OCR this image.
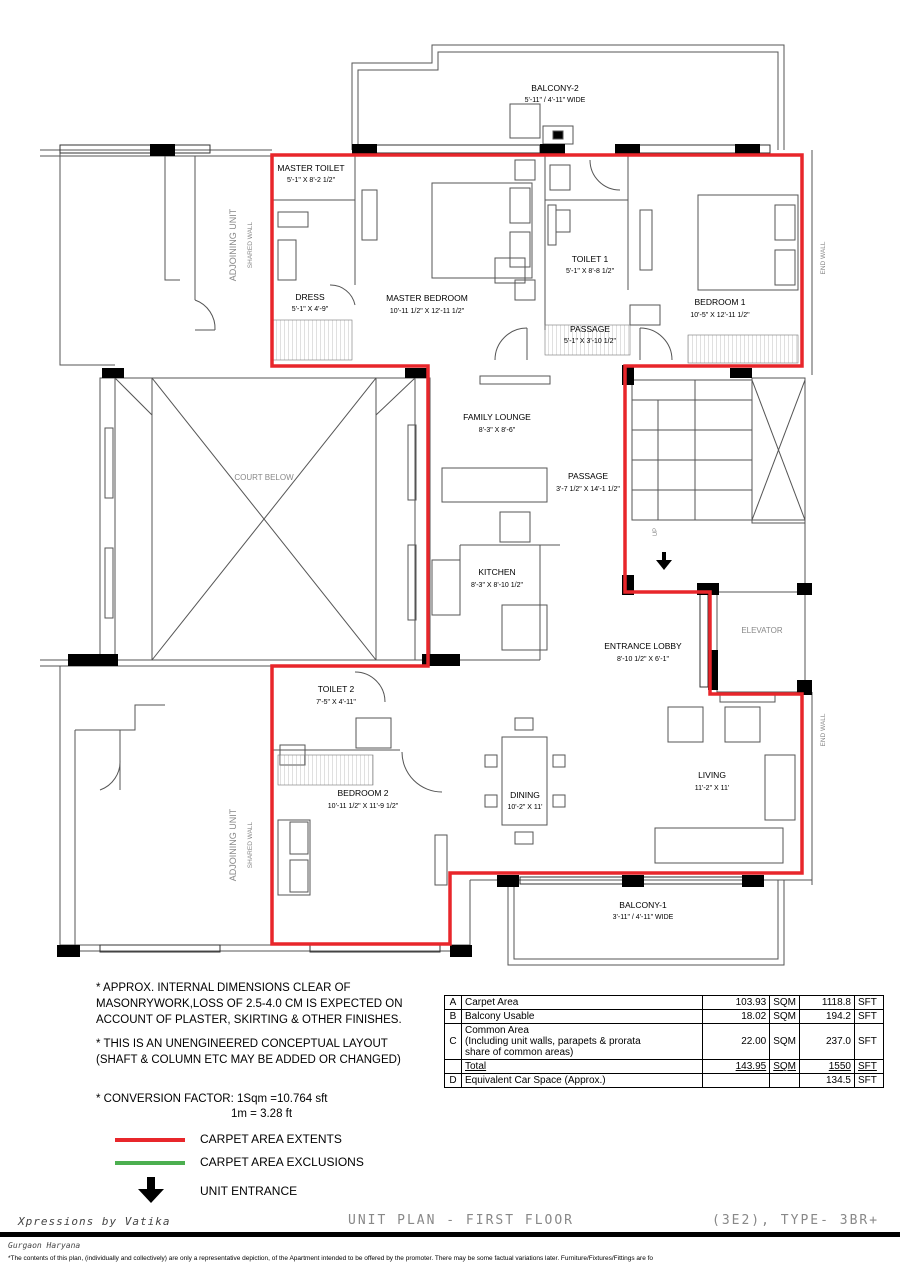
BALCONY-2
5'-11" / 4'-11" WIDE
MASTER TOILET
5'-1" X 8'-2 1/2"
DRESS
5'-1" X 4'-9"
MASTER BEDROOM
10'-11 1/2" X 12'-11 1/2"
TOILET 1
5'-1" X 8'-8 1/2"
PASSAGE
5'-1" X 3'-10 1/2"
BEDROOM 1
10'-5" X 12'-11 1/2"
FAMILY LOUNGE
8'-3" X 8'-6"
PASSAGE
3'-7 1/2" X 14'-1 1/2"
KITCHEN
8'-3" X 8'-10 1/2"
ENTRANCE LOBBY
8'-10 1/2" X 6'-1"
TOILET 2
7'-5" X 4'-11"
BEDROOM 2
10'-11 1/2" X 11'-9 1/2"
DINING
10'-2" X 11'
LIVING
11'-2" X 11'
BALCONY-1
3'-11" / 4'-11" WIDE
COURT BELOW
ELEVATOR
UP
ADJOINING UNIT SHARED WALL
ADJOINING UNIT SHARED WALL
END WALL
END WALL

* APPROX. INTERNAL DIMENSIONS CLEAR OF MASONRYWORK,LOSS OF 2.5-4.0 CM IS EXPECTED ON ACCOUNT OF PLASTER, SKIRTING & OTHER FINISHES.

* THIS IS AN UNENGINEERED CONCEPTUAL LAYOUT (SHAFT & COLUMN ETC MAY BE ADDED OR CHANGED)

* CONVERSION FACTOR: 1Sqm =10.764 sft
1m = 3.28 ft
CARPET AREA EXTENTS
CARPET AREA EXCLUSIONS
UNIT ENTRANCE
A	Carpet Area	103.93	SQM	1118.8	SFT
B	Balcony Usable	18.02	SQM	194.2	SFT
C	Common Area
(Including unit walls, parapets & prorata
share of common areas)	22.00	SQM	237.0	SFT
	Total	143.95	SQM	1550	SFT
D	Equivalent Car Space (Approx.)			134.5	SFT
Xpressions by Vatika	UNIT PLAN - FIRST FLOOR	(3E2), TYPE- 3BR+
Gurgaon Haryana
*The contents of this plan, (individually and collectively) are only a representative depiction, of the Apartment intended to be offered by the promoter. There may be some factual variations later. Furniture/Fixtures/Fittings are fo
